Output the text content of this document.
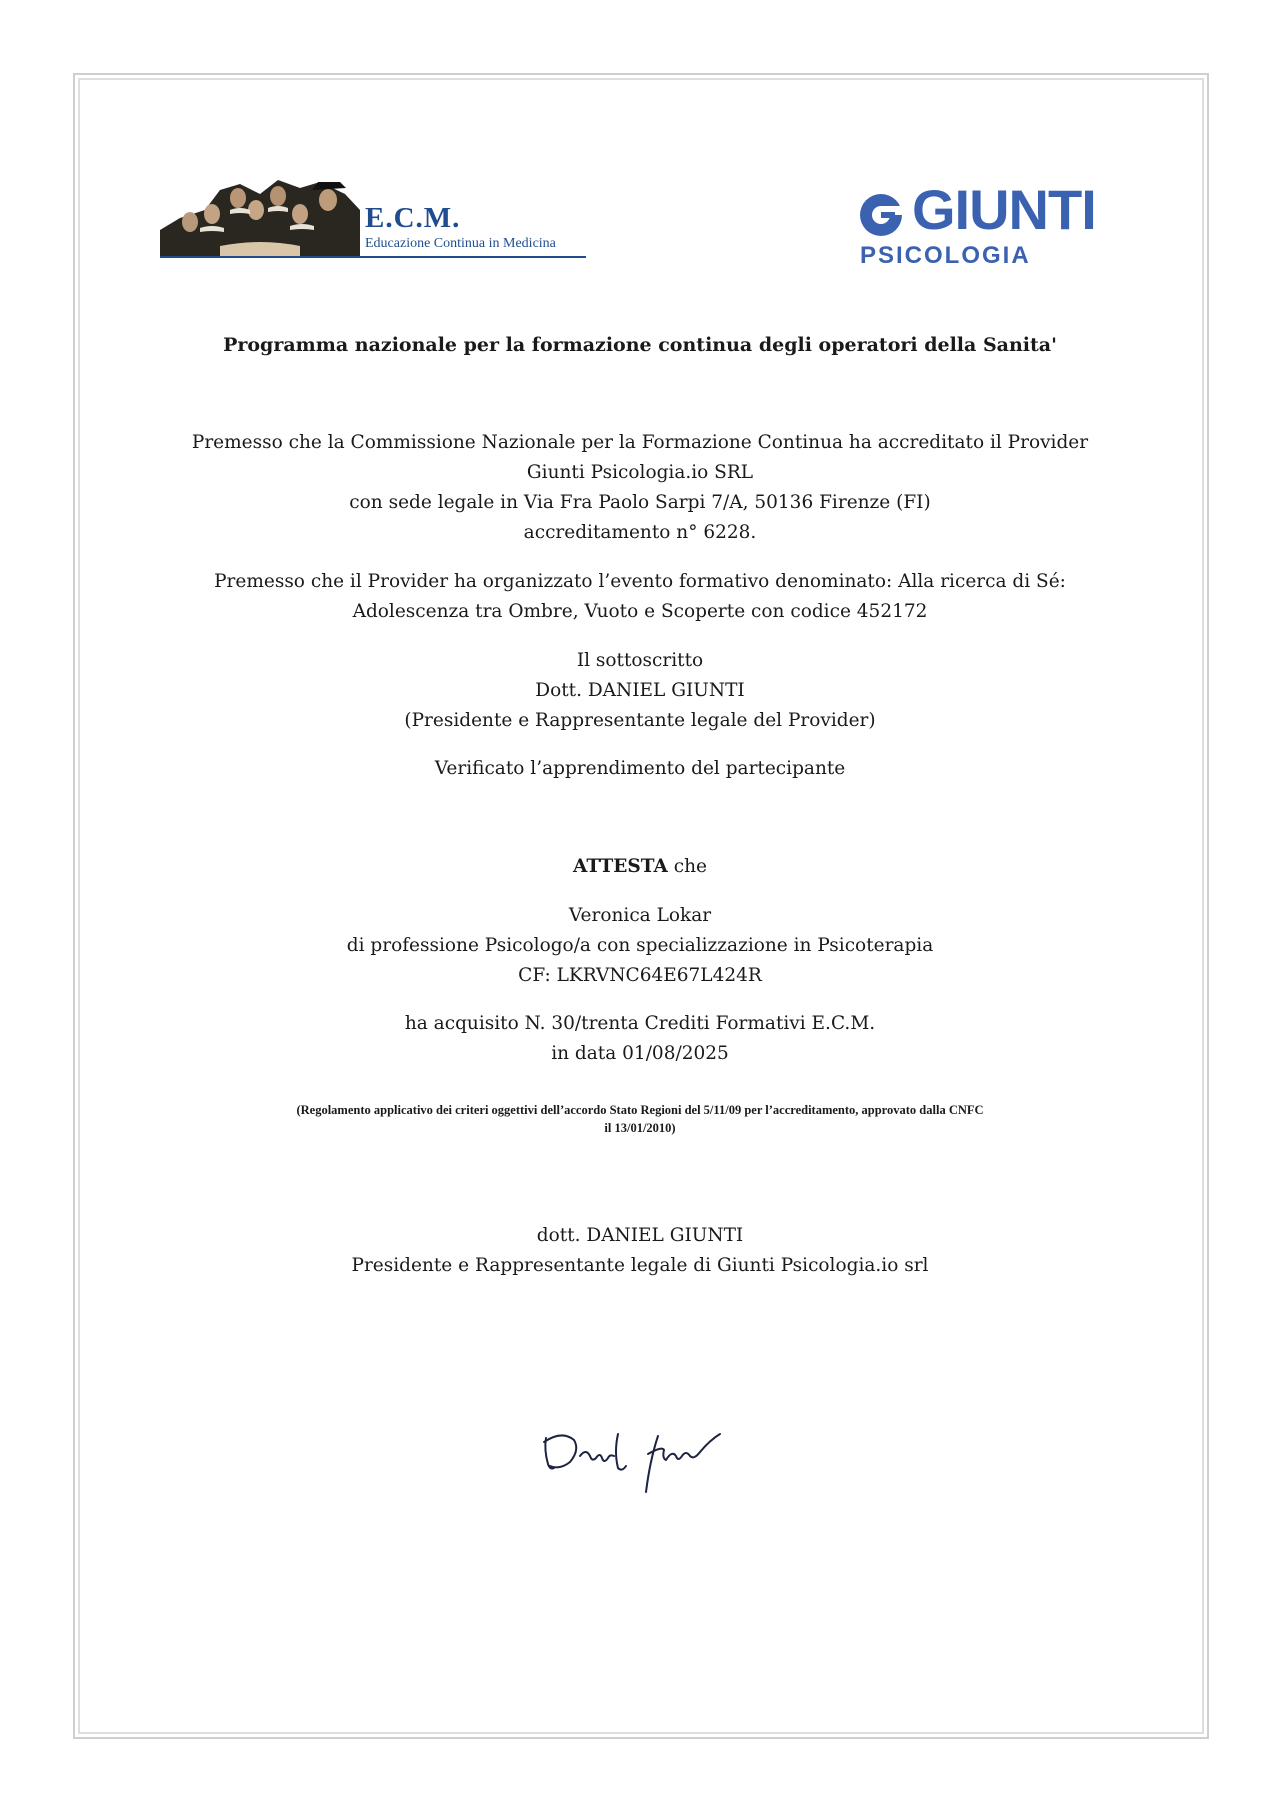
E.C.M.
Educazione Continua in Medicina
GIUNTI
PSICOLOGIA
Programma nazionale per la formazione continua degli operatori della Sanita'
Premesso che la Commissione Nazionale per la Formazione Continua ha accreditato il Provider
Giunti Psicologia.io SRL
con sede legale in Via Fra Paolo Sarpi 7/A, 50136 Firenze (FI)
accreditamento n° 6228.
Premesso che il Provider ha organizzato l’evento formativo denominato: Alla ricerca di Sé:
Adolescenza tra Ombre, Vuoto e Scoperte con codice 452172
Il sottoscritto
Dott. DANIEL GIUNTI
(Presidente e Rappresentante legale del Provider)
Verificato l’apprendimento del partecipante
ATTESTA che
Veronica Lokar
di professione Psicologo/a con specializzazione in Psicoterapia
CF: LKRVNC64E67L424R
ha acquisito N. 30/trenta Crediti Formativi E.C.M.
in data 01/08/2025
(Regolamento applicativo dei criteri oggettivi dell’accordo Stato Regioni del 5/11/09 per l’accreditamento, approvato dalla CNFC
il 13/01/2010)
dott. DANIEL GIUNTI
Presidente e Rappresentante legale di Giunti Psicologia.io srl
